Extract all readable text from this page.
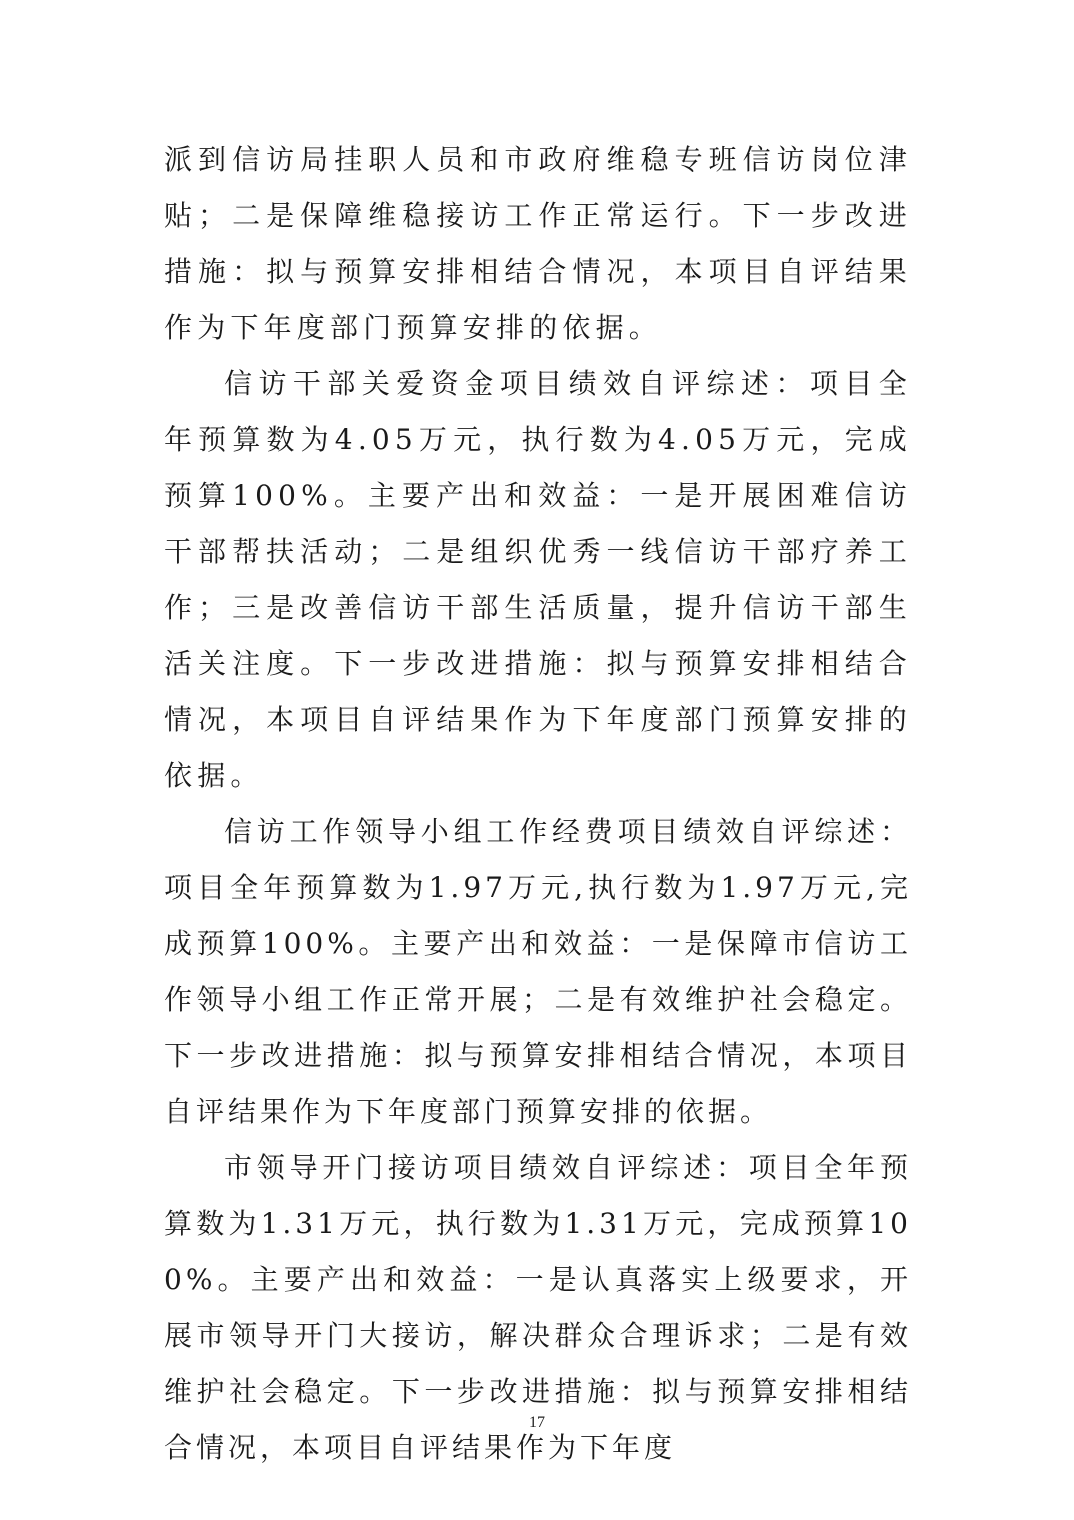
派到信访局挂职人员和市政府维稳专班信访岗位津贴；二是保障维稳接访工作正常运行。下一步改进措施：拟与预算安排相结合情况，本项目自评结果作为下年度部门预算安排的依据。

信访干部关爱资金项目绩效自评综述：项目全年预算数为4.05万元，执行数为4.05万元，完成预算100%。主要产出和效益：一是开展困难信访干部帮扶活动；二是组织优秀一线信访干部疗养工作；三是改善信访干部生活质量，提升信访干部生活关注度。下一步改进措施：拟与预算安排相结合情况，本项目自评结果作为下年度部门预算安排的依据。

信访工作领导小组工作经费项目绩效自评综述：项目全年预算数为1.97万元,执行数为1.97万元,完成预算100%。主要产出和效益：一是保障市信访工作领导小组工作正常开展；二是有效维护社会稳定。下一步改进措施：拟与预算安排相结合情况，本项目自评结果作为下年度部门预算安排的依据。

市领导开门接访项目绩效自评综述：项目全年预算数为1.31万元，执行数为1.31万元，完成预算100%。主要产出和效益：一是认真落实上级要求，开展市领导开门大接访，解决群众合理诉求；二是有效维护社会稳定。下一步改进措施：拟与预算安排相结合情况，本项目自评结果作为下年度

17
